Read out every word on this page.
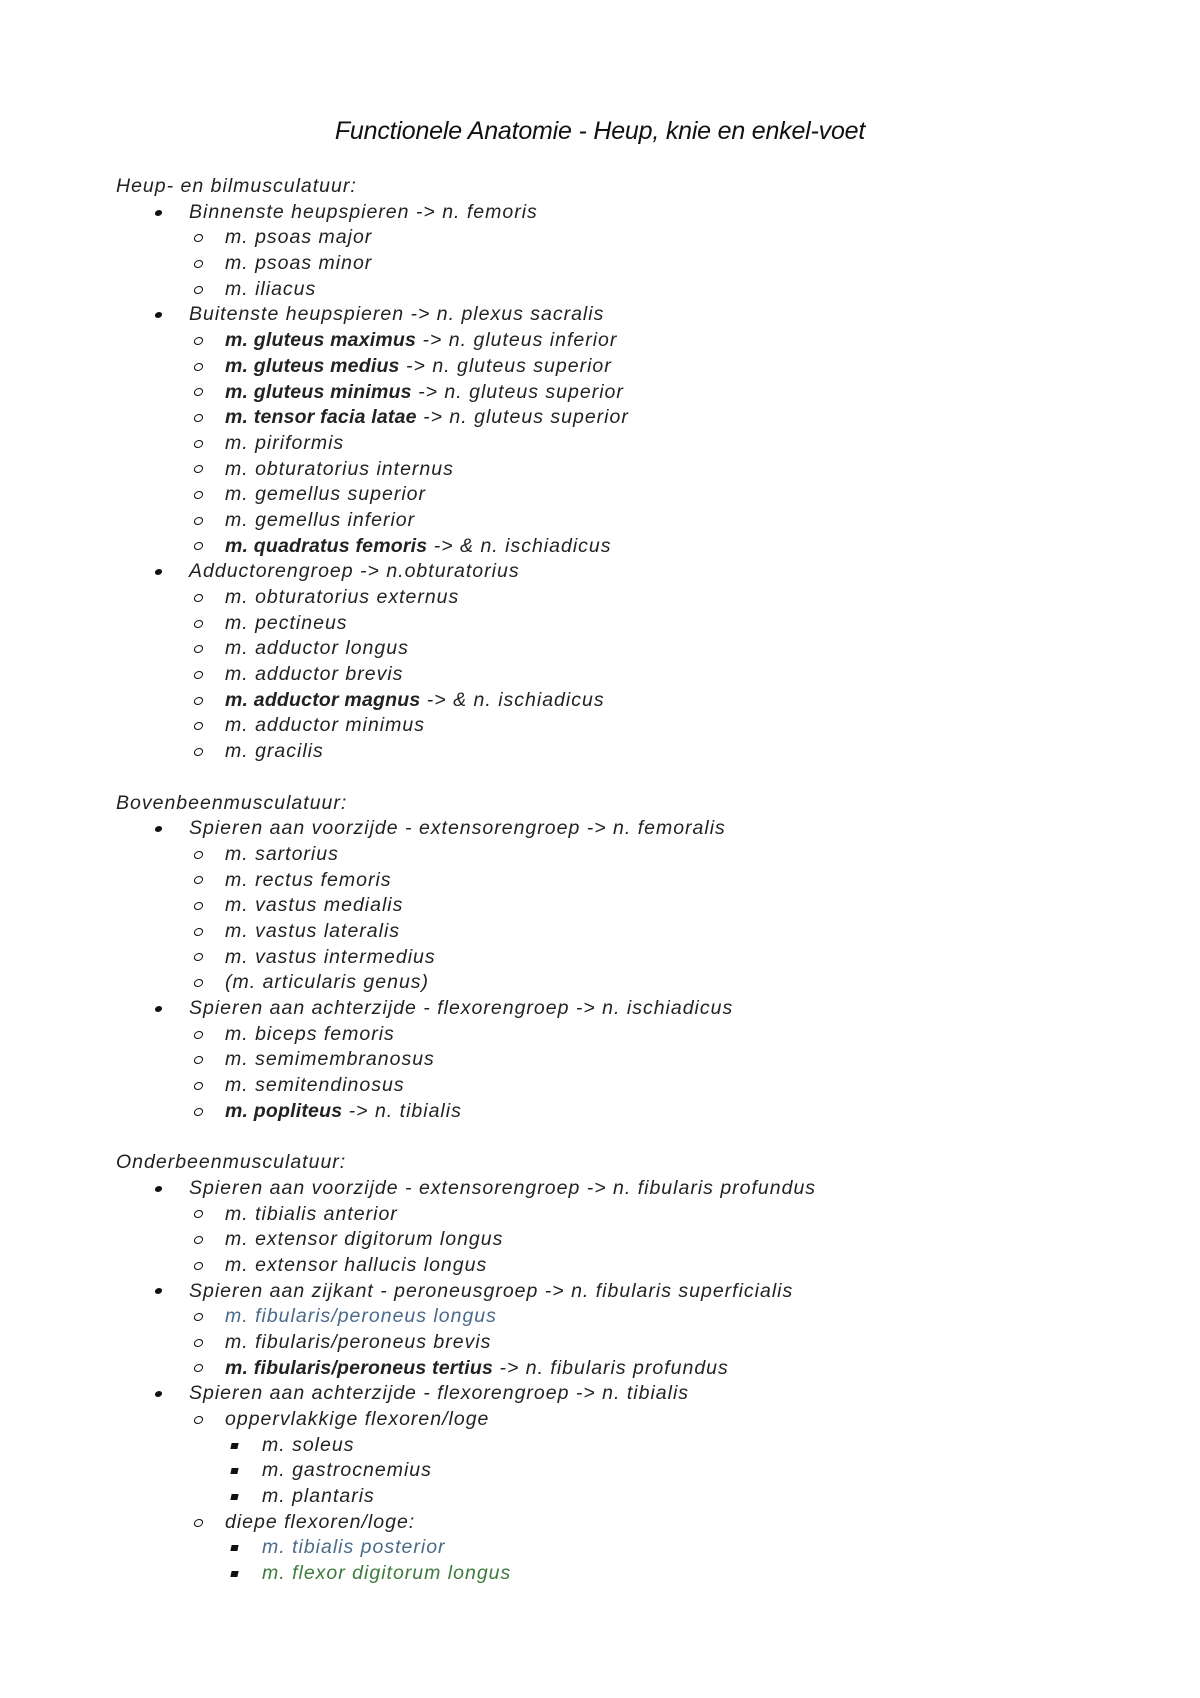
Functionele Anatomie - Heup, knie en enkel-voet
Heup- en bilmusculatuur:
Binnenste heupspieren -> n. femoris
m. psoas major
m. psoas minor
m. iliacus
Buitenste heupspieren -> n. plexus sacralis
m. gluteus maximus -> n. gluteus inferior
m. gluteus medius -> n. gluteus superior
m. gluteus minimus -> n. gluteus superior
m. tensor facia latae -> n. gluteus superior
m. piriformis
m. obturatorius internus
m. gemellus superior
m. gemellus inferior
m. quadratus femoris -> & n. ischiadicus
Adductorengroep -> n.obturatorius
m. obturatorius externus
m. pectineus
m. adductor longus
m. adductor brevis
m. adductor magnus -> & n. ischiadicus
m. adductor minimus
m. gracilis
Bovenbeenmusculatuur:
Spieren aan voorzijde - extensorengroep -> n. femoralis
m. sartorius
m. rectus femoris
m. vastus medialis
m. vastus lateralis
m. vastus intermedius
(m. articularis genus)
Spieren aan achterzijde - flexorengroep -> n. ischiadicus
m. biceps femoris
m. semimembranosus
m. semitendinosus
m. popliteus -> n. tibialis
Onderbeenmusculatuur:
Spieren aan voorzijde - extensorengroep -> n. fibularis profundus
m. tibialis anterior
m. extensor digitorum longus
m. extensor hallucis longus
Spieren aan zijkant - peroneusgroep -> n. fibularis superficialis
m. fibularis/peroneus longus
m. fibularis/peroneus brevis
m. fibularis/peroneus tertius -> n. fibularis profundus
Spieren aan achterzijde - flexorengroep -> n. tibialis
oppervlakkige flexoren/loge
m. soleus
m. gastrocnemius
m. plantaris
diepe flexoren/loge:
m. tibialis posterior
m. flexor digitorum longus
